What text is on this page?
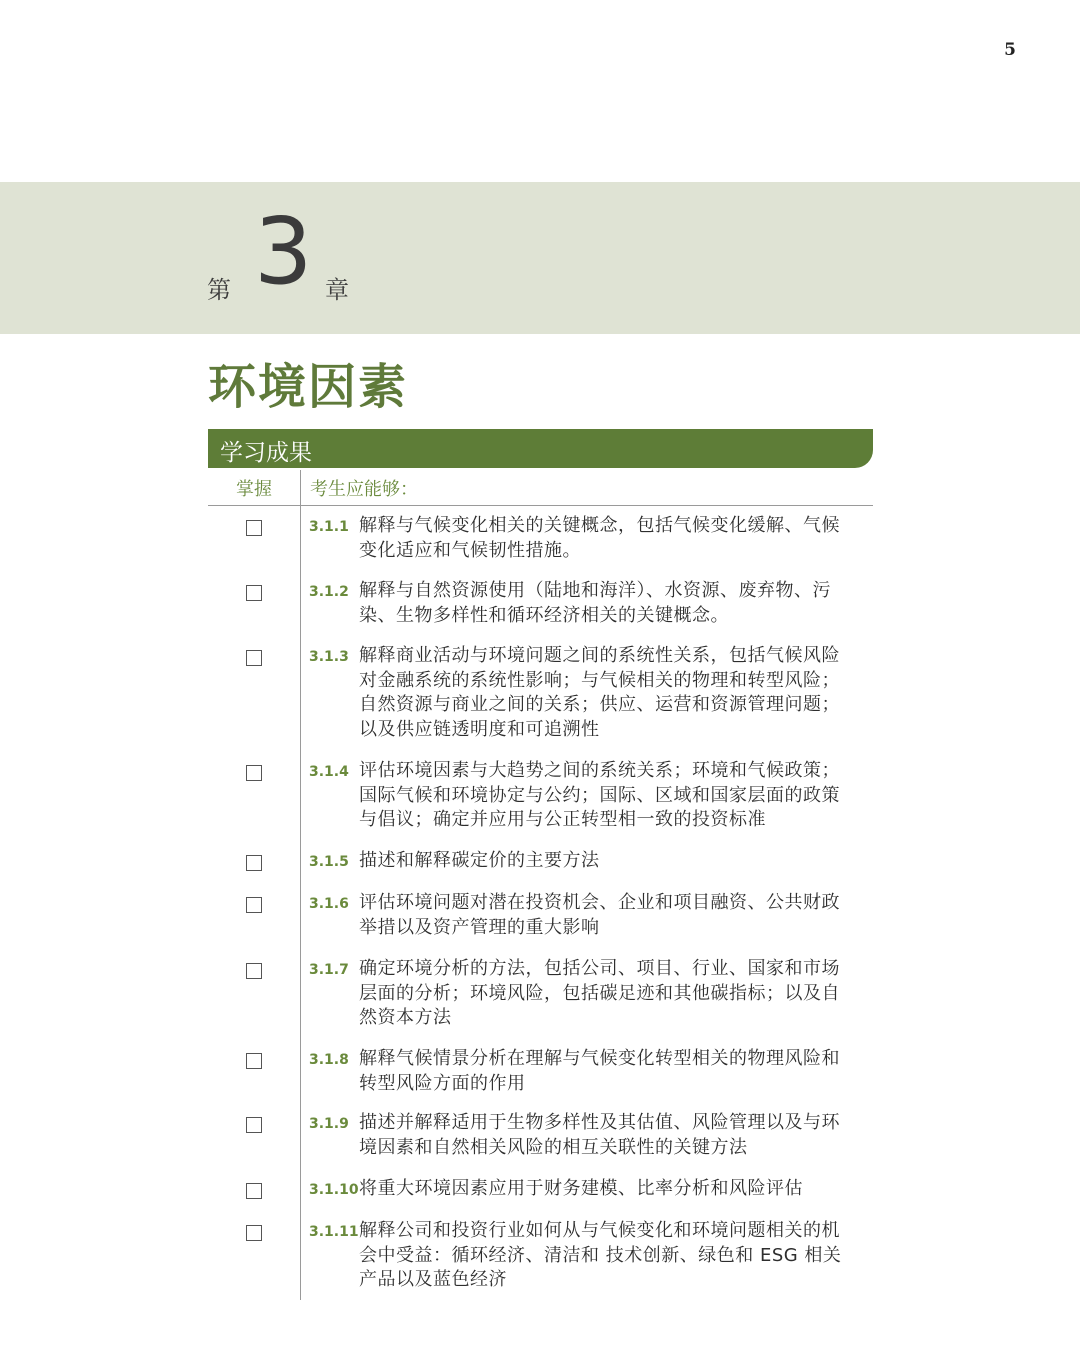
5
第 3 章
环境因素
学习成果
掌握 考生应能够：
3.1.1 解释与气候变化相关的关键概念，包括气候变化缓解、气候变化适应和气候韧性措施。
3.1.2 解释与自然资源使用（陆地和海洋）、水资源、废弃物、污染、生物多样性和循环经济相关的关键概念。
3.1.3 解释商业活动与环境问题之间的系统性关系，包括气候风险对金融系统的系统性影响；与气候相关的物理和转型风险；自然资源与商业之间的关系；供应、运营和资源管理问题；以及供应链透明度和可追溯性
3.1.4 评估环境因素与大趋势之间的系统关系；环境和气候政策；国际气候和环境协定与公约；国际、区域和国家层面的政策与倡议；确定并应用与公正转型相一致的投资标准
3.1.5 描述和解释碳定价的主要方法
3.1.6 评估环境问题对潜在投资机会、企业和项目融资、公共财政举措以及资产管理的重大影响
3.1.7 确定环境分析的方法，包括公司、项目、行业、国家和市场层面的分析；环境风险，包括碳足迹和其他碳指标；以及自然资本方法
3.1.8 解释气候情景分析在理解与气候变化转型相关的物理风险和转型风险方面的作用
3.1.9 描述并解释适用于生物多样性及其估值、风险管理以及与环境因素和自然相关风险的相互关联性的关键方法
3.1.10 将重大环境因素应用于财务建模、比率分析和风险评估
3.1.11 解释公司和投资行业如何从与气候变化和环境问题相关的机会中受益：循环经济、清洁和 技术创新、绿色和 ESG 相关产品以及蓝色经济
